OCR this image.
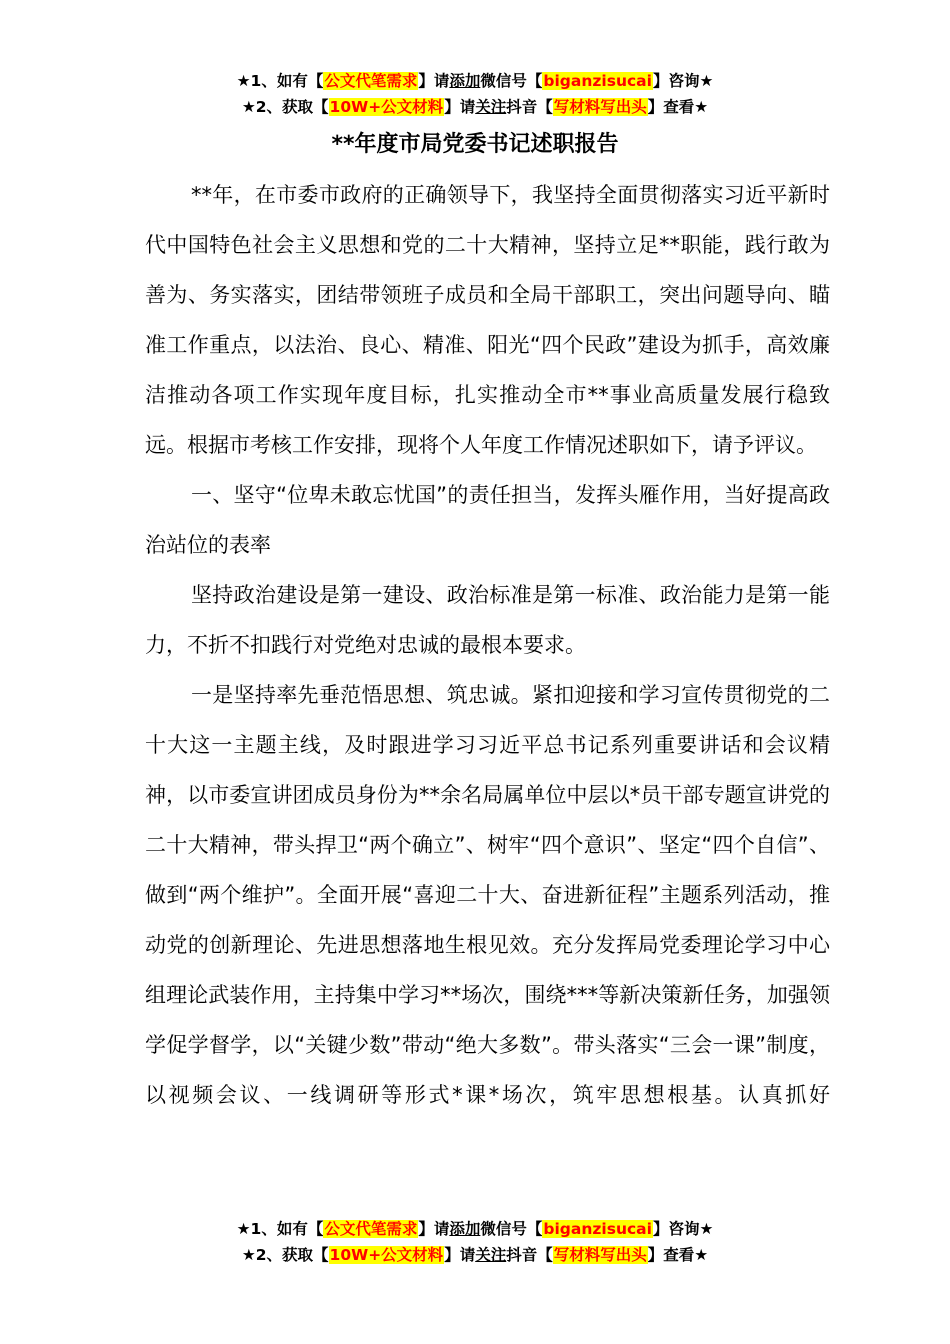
★1、如有【公文代笔需求】请添加微信号【biganzisucai】咨询★
★2、获取【10W+公文材料】请关注抖音【写材料写出头】查看★
**年度市局党委书记述职报告

**年，在市委市政府的正确领导下，我坚持全面贯彻落实习近平新时代中国特色社会主义思想和党的二十大精神，坚持立足**职能，践行敢为善为、务实落实，团结带领班子成员和全局干部职工，突出问题导向、瞄准工作重点，以法治、良心、精准、阳光“四个民政”建设为抓手，高效廉洁推动各项工作实现年度目标，扎实推动全市**事业高质量发展行稳致远。根据市考核工作安排，现将个人年度工作情况述职如下，请予评议。

一、坚守“位卑未敢忘忧国”的责任担当，发挥头雁作用，当好提高政治站位的表率

坚持政治建设是第一建设、政治标准是第一标准、政治能力是第一能力，不折不扣践行对党绝对忠诚的最根本要求。

一是坚持率先垂范悟思想、筑忠诚。紧扣迎接和学习宣传贯彻党的二十大这一主题主线，及时跟进学习习近平总书记系列重要讲话和会议精神，以市委宣讲团成员身份为**余名局属单位中层以*员干部专题宣讲党的二十大精神，带头捍卫“两个确立”、树牢“四个意识”、坚定“四个自信”、做到“两个维护”。全面开展“喜迎二十大、奋进新征程”主题系列活动，推动党的创新理论、先进思想落地生根见效。充分发挥局党委理论学习中心组理论武装作用，主持集中学习**场次，围绕***等新决策新任务，加强领学促学督学，以“关键少数”带动“绝大多数”。带头落实“三会一课”制度，以视频会议、一线调研等形式*课*场次，筑牢思想根基。认真抓好

★1、如有【公文代笔需求】请添加微信号【biganzisucai】咨询★
★2、获取【10W+公文材料】请关注抖音【写材料写出头】查看★
